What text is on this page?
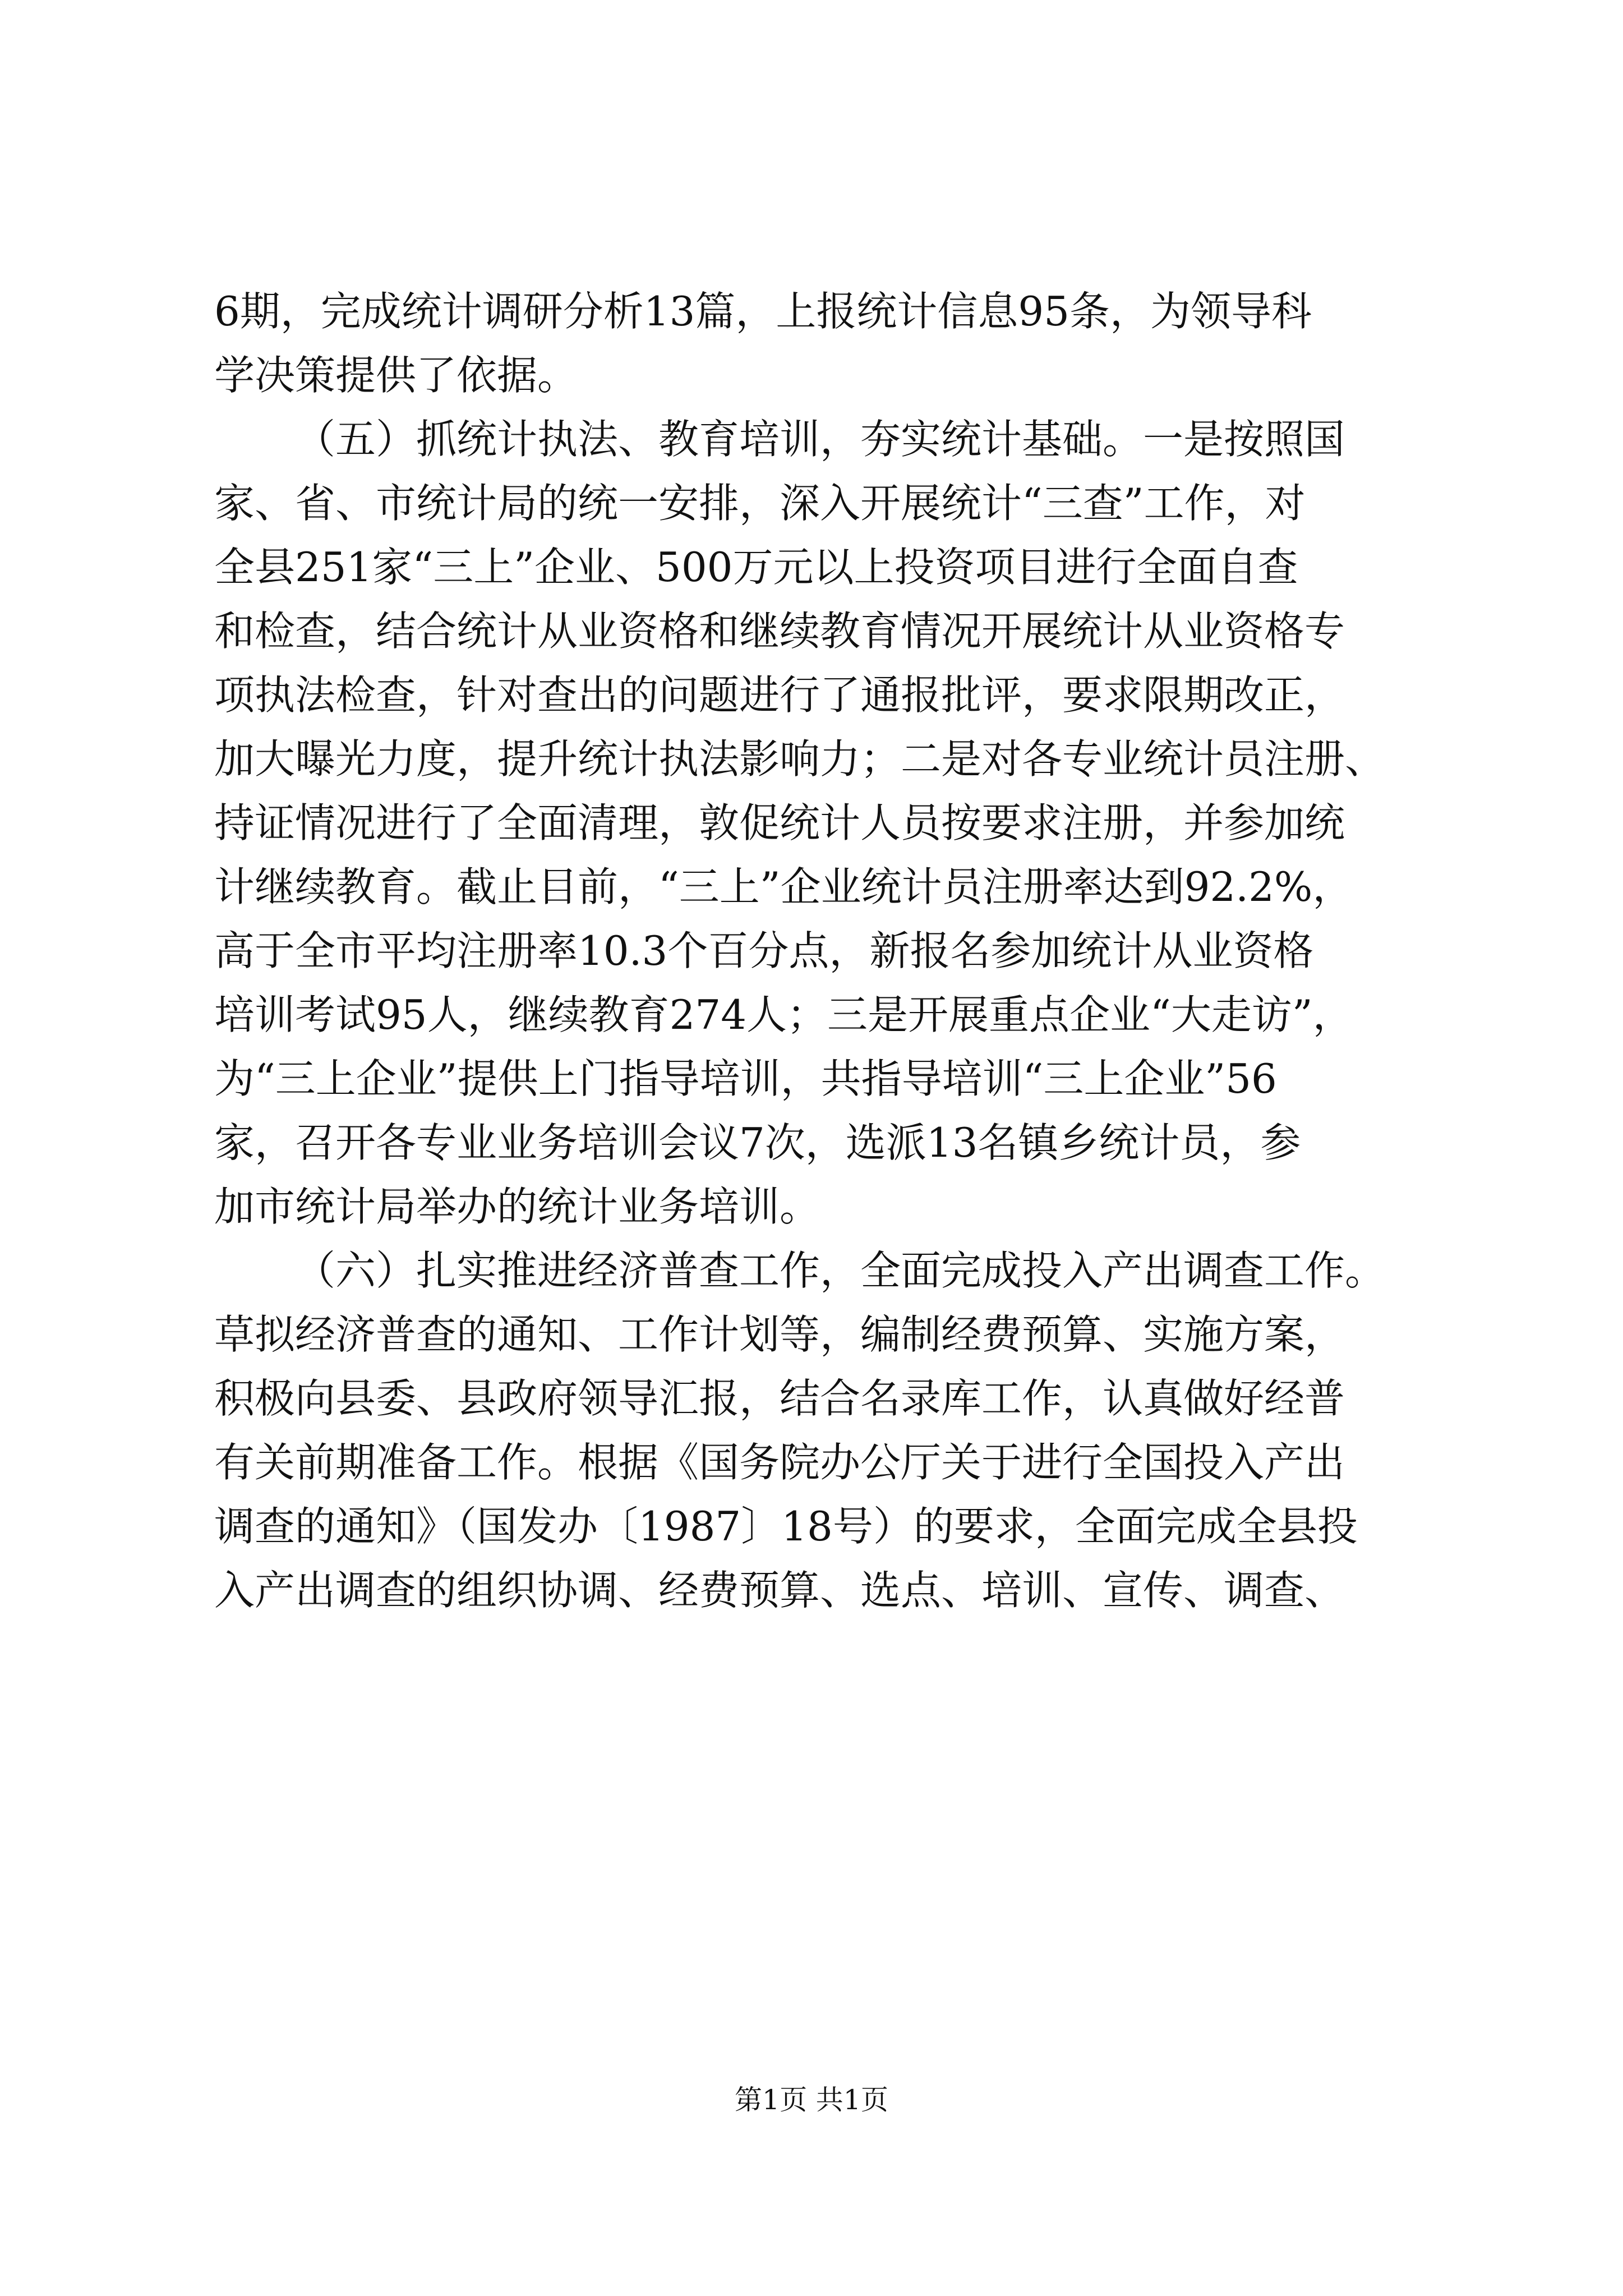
6期，完成统计调研分析13篇，上报统计信息95条，为领导科
学决策提供了依据。

（五）抓统计执法、教育培训，夯实统计基础。一是按照国
家、省、市统计局的统一安排，深入开展统计“三查”工作，对
全县251家“三上”企业、500万元以上投资项目进行全面自查
和检查，结合统计从业资格和继续教育情况开展统计从业资格专
项执法检查，针对查出的问题进行了通报批评，要求限期改正，
加大曝光力度，提升统计执法影响力；二是对各专业统计员注册、
持证情况进行了全面清理，敦促统计人员按要求注册，并参加统
计继续教育。截止目前，“三上”企业统计员注册率达到92.2%，
高于全市平均注册率10.3个百分点，新报名参加统计从业资格
培训考试95人，继续教育274人；三是开展重点企业“大走访”，
为“三上企业”提供上门指导培训，共指导培训“三上企业”56
家，召开各专业业务培训会议7次，选派13名镇乡统计员，参
加市统计局举办的统计业务培训。

（六）扎实推进经济普查工作，全面完成投入产出调查工作。
草拟经济普查的通知、工作计划等，编制经费预算、实施方案，
积极向县委、县政府领导汇报，结合名录库工作，认真做好经普
有关前期准备工作。根据《国务院办公厅关于进行全国投入产出
调查的通知》（国发办〔1987〕18号）的要求，全面完成全县投
入产出调查的组织协调、经费预算、选点、培训、宣传、调查、

第1页 共1页
